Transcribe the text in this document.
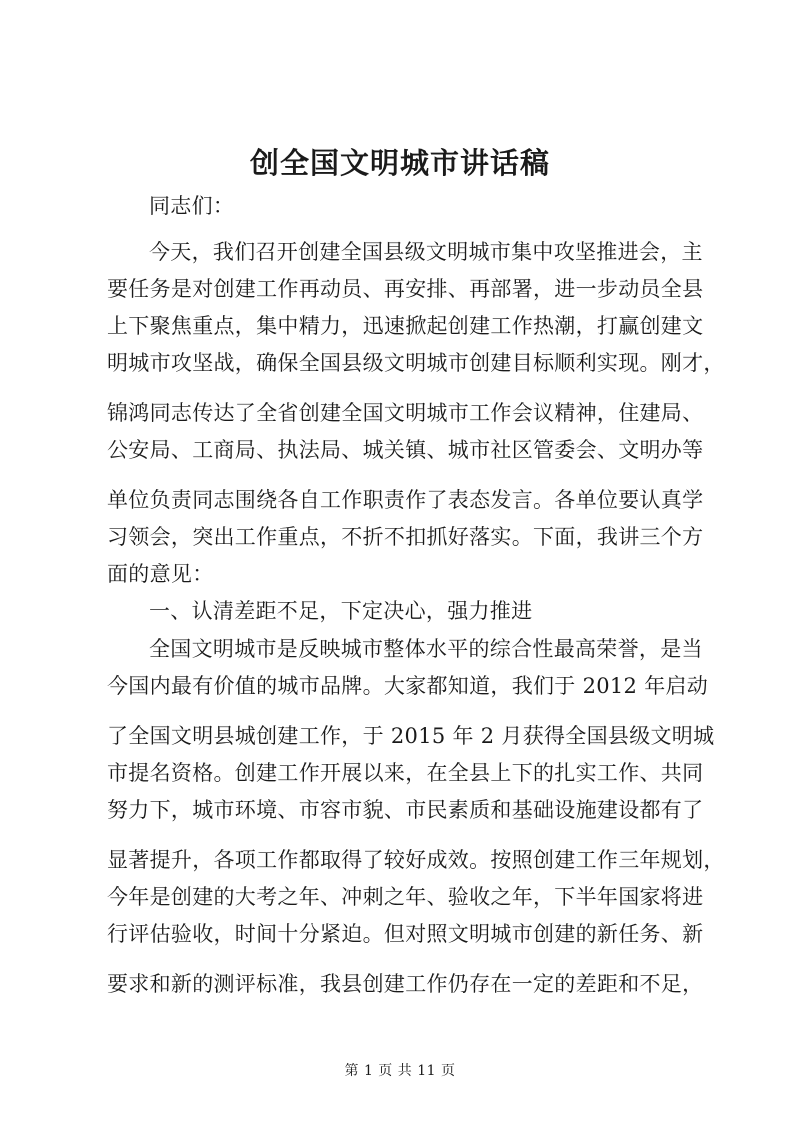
创全国文明城市讲话稿
同志们：
今天，我们召开创建全国县级文明城市集中攻坚推进会，主
要任务是对创建工作再动员、再安排、再部署，进一步动员全县
上下聚焦重点，集中精力，迅速掀起创建工作热潮，打赢创建文
明城市攻坚战，确保全国县级文明城市创建目标顺利实现。刚才，
锦鸿同志传达了全省创建全国文明城市工作会议精神，住建局、
公安局、工商局、执法局、城关镇、城市社区管委会、文明办等
单位负责同志围绕各自工作职责作了表态发言。各单位要认真学
习领会，突出工作重点，不折不扣抓好落实。下面，我讲三个方
面的意见：
一、认清差距不足，下定决心，强力推进
全国文明城市是反映城市整体水平的综合性最高荣誉，是当
今国内最有价值的城市品牌。大家都知道，我们于 2012 年启动
了全国文明县城创建工作，于 2015 年 2 月获得全国县级文明城
市提名资格。创建工作开展以来，在全县上下的扎实工作、共同
努力下，城市环境、市容市貌、市民素质和基础设施建设都有了
显著提升，各项工作都取得了较好成效。按照创建工作三年规划，
今年是创建的大考之年、冲刺之年、验收之年，下半年国家将进
行评估验收，时间十分紧迫。但对照文明城市创建的新任务、新
要求和新的测评标准，我县创建工作仍存在一定的差距和不足，
第 1 页 共 11 页
